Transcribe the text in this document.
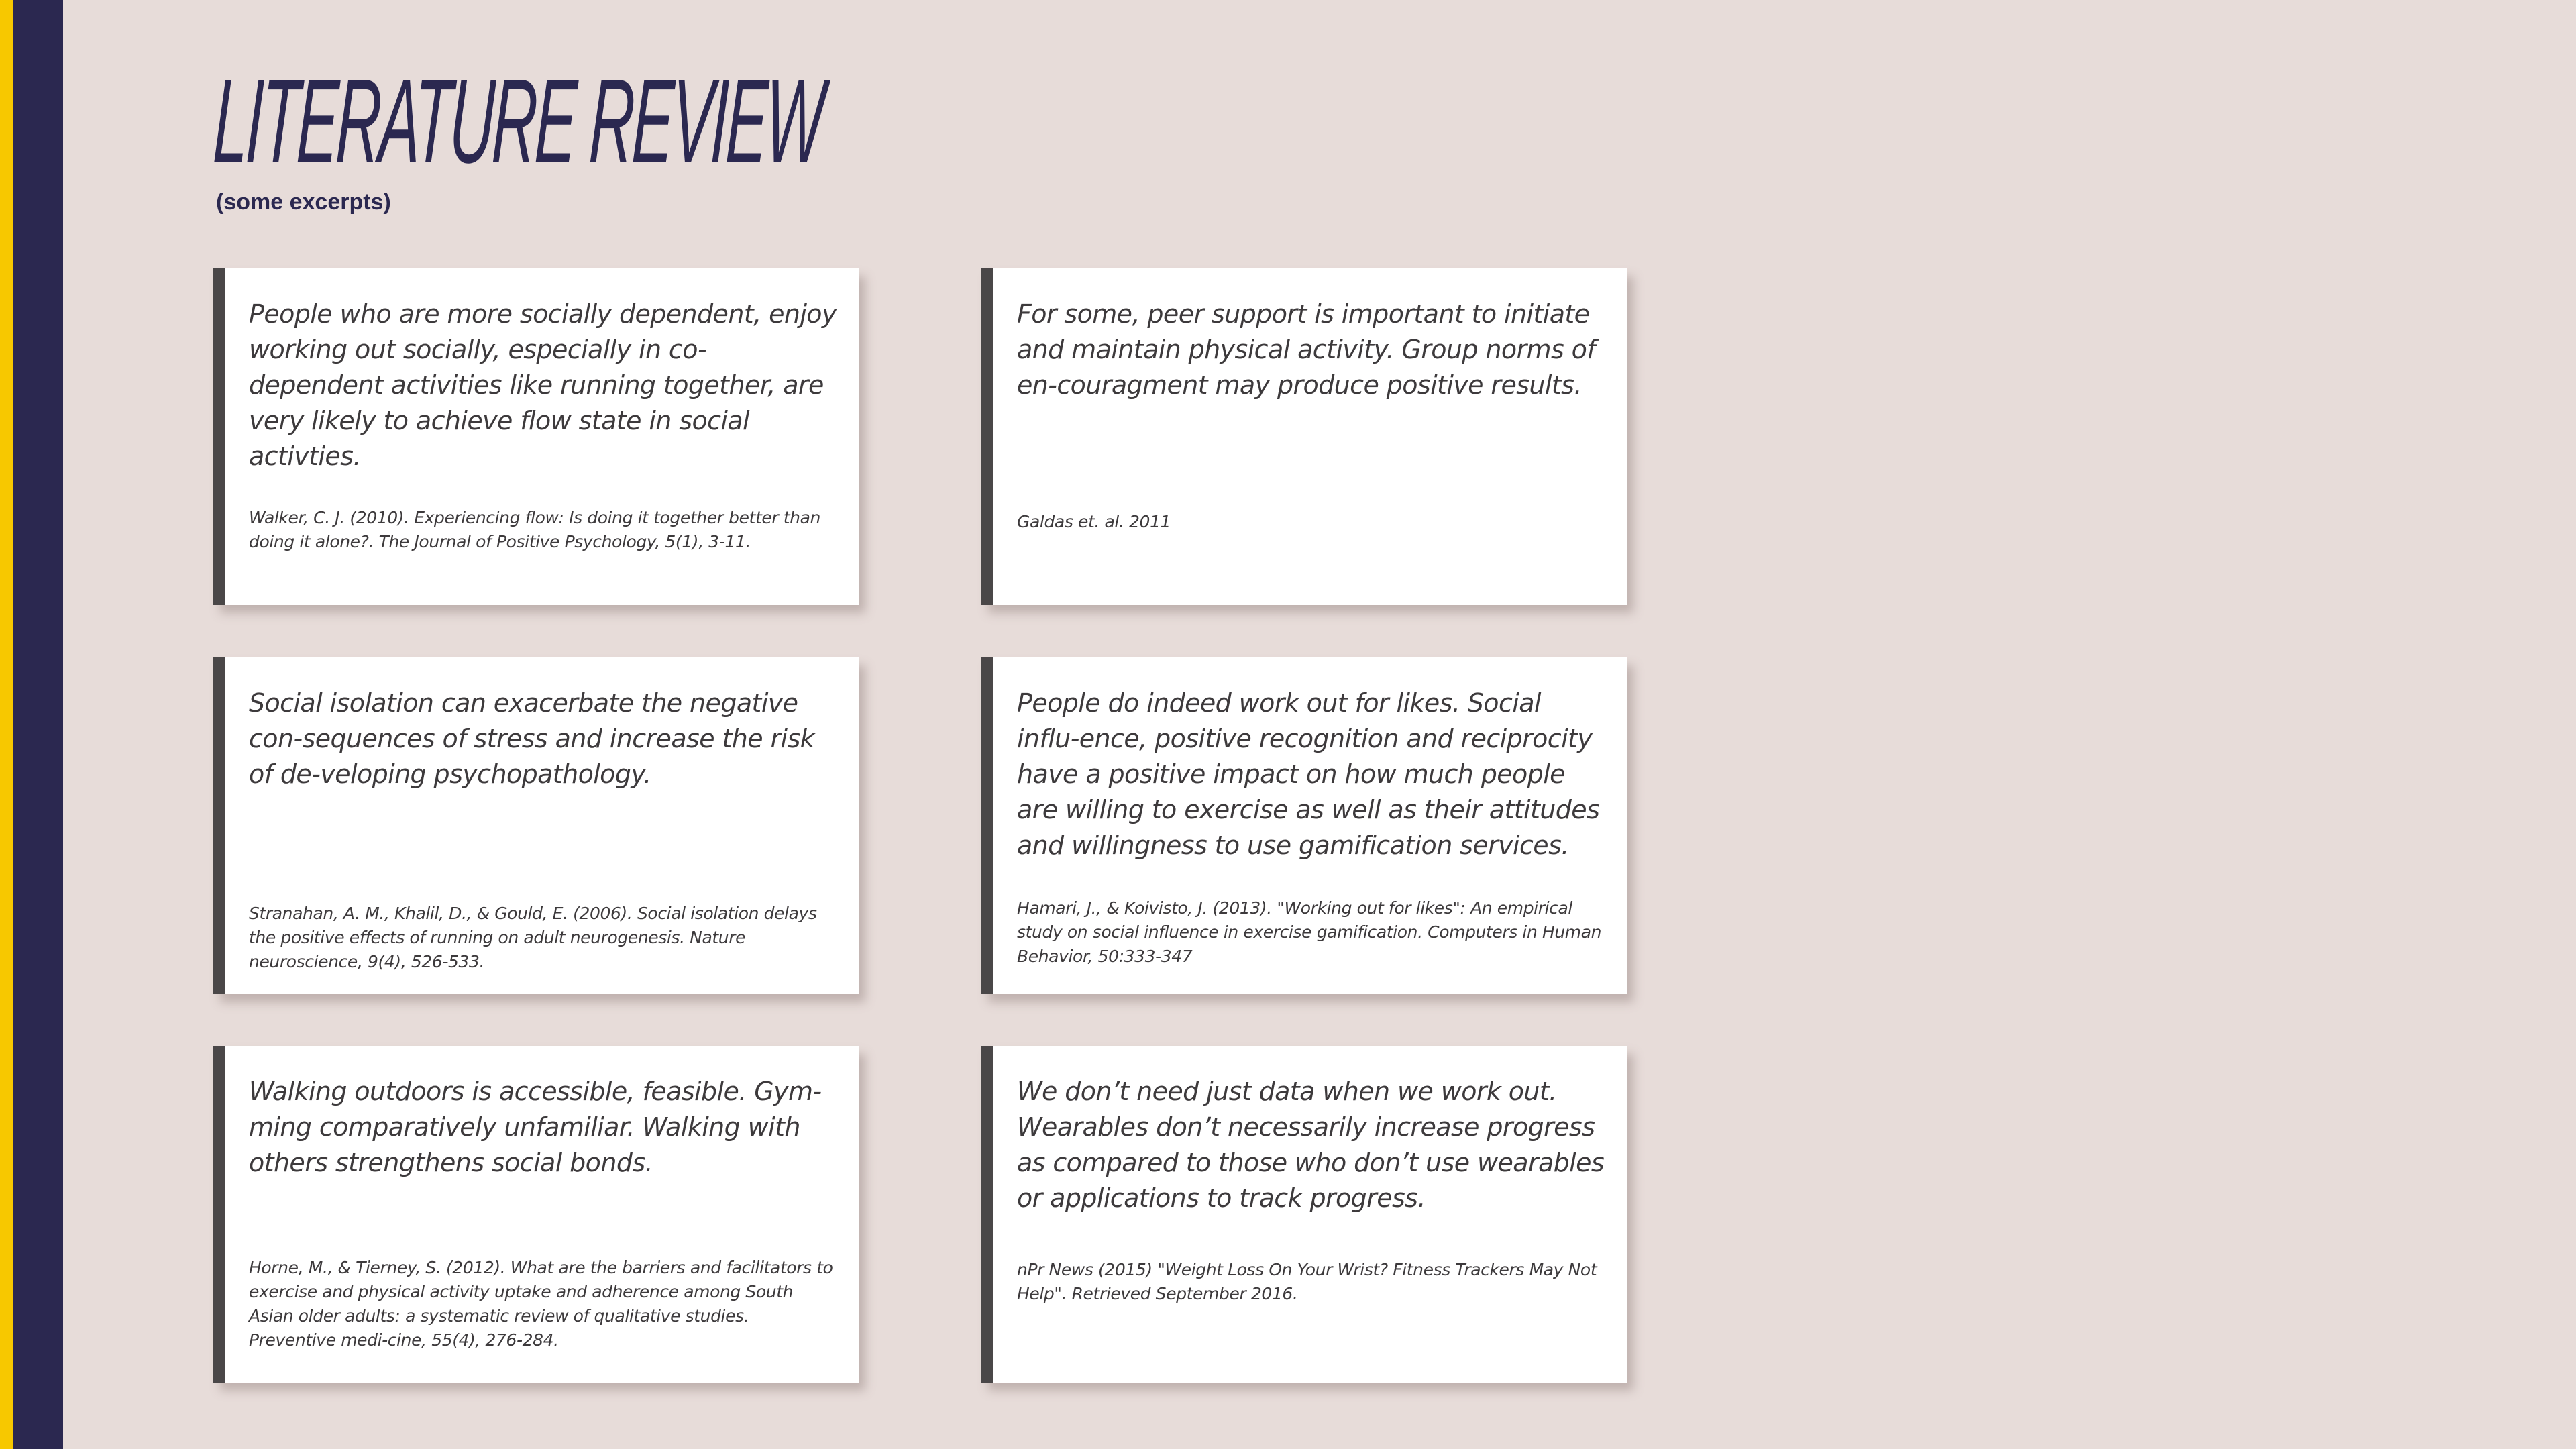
LITERATURE REVIEW
(some excerpts)

People who are more socially dependent, enjoy working out socially, especially in co-dependent activities like running together, are very likely to achieve flow state in social activties.

Walker, C. J. (2010). Experiencing flow: Is doing it together better than doing it alone?. The Journal of Positive Psychology, 5(1), 3-11.

For some, peer support is important to initiate and maintain physical activity. Group norms of en-couragment may produce positive results.

Galdas et. al. 2011

Social isolation can exacerbate the negative con-sequences of stress and increase the risk of de-veloping psychopathology.

Stranahan, A. M., Khalil, D., & Gould, E. (2006). Social isolation delays the positive effects of running on adult neurogenesis. Nature neuroscience, 9(4), 526-533.

People do indeed work out for likes. Social influ-ence, positive recognition and reciprocity have a positive impact on how much people are willing to exercise as well as their attitudes and willingness to use gamification services.

Hamari, J., & Koivisto, J. (2013). "Working out for likes": An empirical study on social influence in exercise gamification. Computers in Human Behavior, 50:333-347

Walking outdoors is accessible, feasible. Gym-ming comparatively unfamiliar. Walking with others strengthens social bonds.

Horne, M., & Tierney, S. (2012). What are the barriers and facilitators to exercise and physical activity uptake and adherence among South Asian older adults: a systematic review of qualitative studies. Preventive medi-cine, 55(4), 276-284.

We don’t need just data when we work out. Wearables don’t necessarily increase progress as compared to those who don’t use wearables or applications to track progress.

nPr News (2015) "Weight Loss On Your Wrist? Fitness Trackers May Not Help". Retrieved September 2016.
